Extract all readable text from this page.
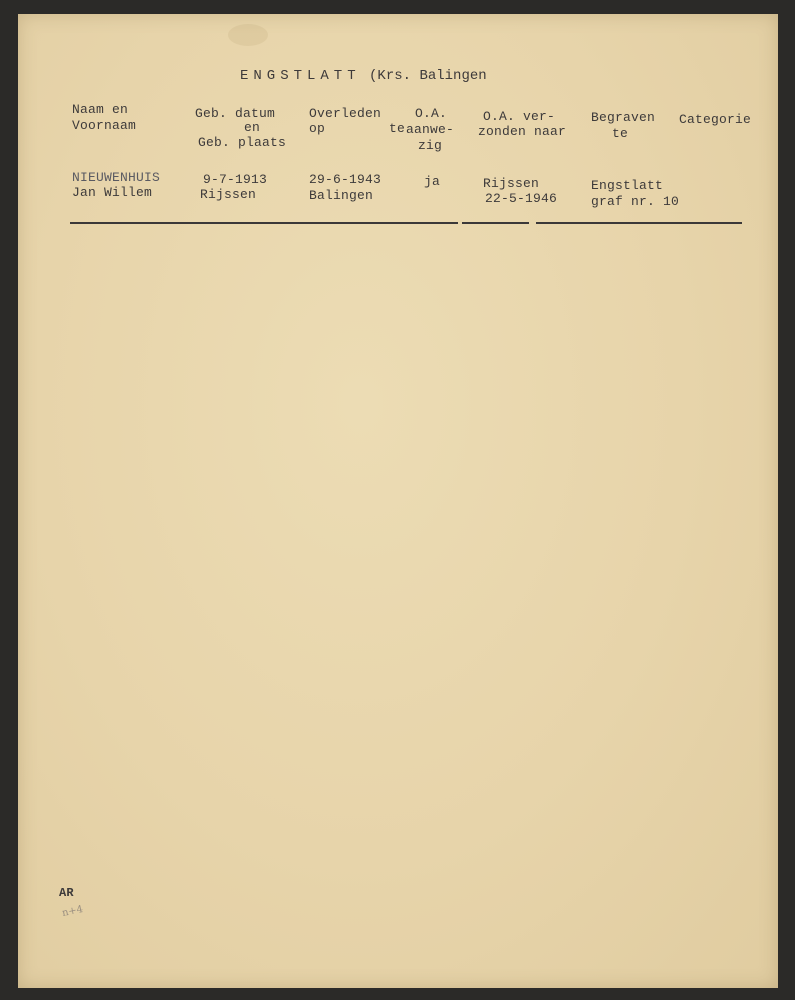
ENGSTLATT (Krs. Balingen
Naam en
Voornaam
Geb. datum
en
Geb. plaats
Overleden
op        te
O.A.
aanwe-
zig
O.A. ver-
zonden naar
Begraven
te
Categorie
NIEUWENHUIS
Jan Willem
9-7-1913
Rijssen
29-6-1943
Balingen
ja	Rijssen
22-5-1946
Engstlatt
graf nr. 10
AR
n+4
